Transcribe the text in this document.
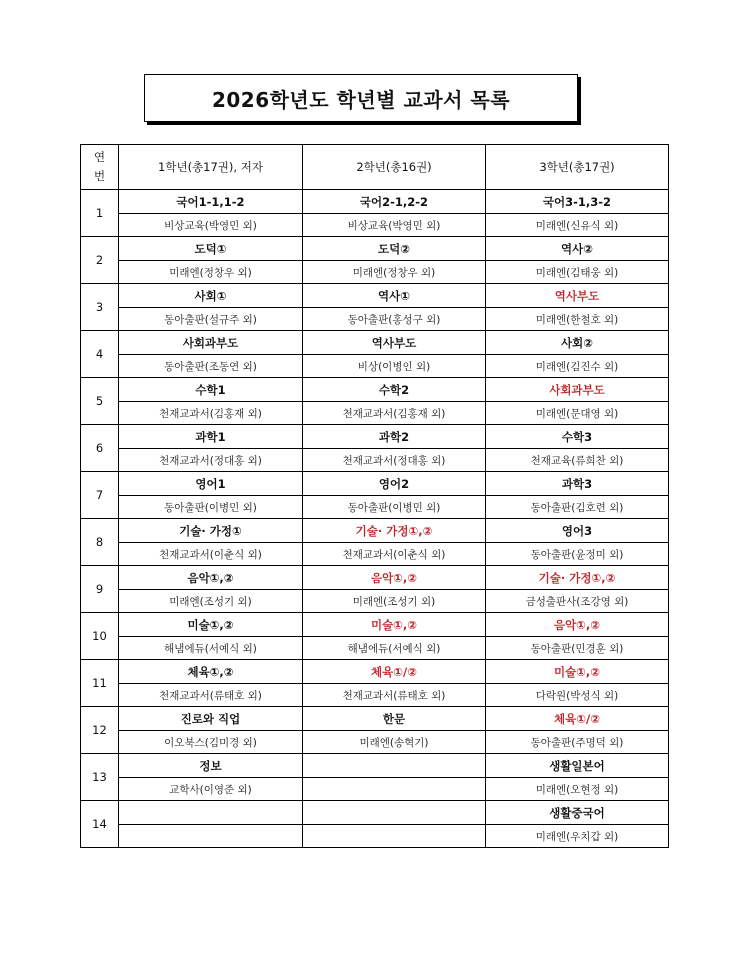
2026학년도 학년별 교과서 목록
연
번	1학년(총17권), 저자	2학년(총16권)	3학년(총17권)
1	국어1-1,1-2	국어2-1,2-2	국어3-1,3-2
	비상교육(박영민 외)	비상교육(박영민 외)	미래엔(신유식 외)
2	도덕①	도덕②	역사②
	미래엔(정창우 외)	미래엔(정창우 외)	미래엔(김태웅 외)
3	사회①	역사①	역사부도
	동아출판(설규주 외)	동아출판(홍성구 외)	미래엔(한철호 외)
4	사회과부도	역사부도	사회②
	동아출판(조동연 외)	비상(이병인 외)	미래엔(김진수 외)
5	수학1	수학2	사회과부도
	천재교과서(김홍재 외)	천재교과서(김홍재 외)	미래엔(문대영 외)
6	과학1	과학2	수학3
	천재교과서(정대홍 외)	천재교과서(정대홍 외)	천재교육(류희찬 외)
7	영어1	영어2	과학3
	동아출판(이병민 외)	동아출판(이병민 외)	동아출판(김호련 외)
8	기술· 가정①	기술· 가정①,②	영어3
	천재교과서(이춘식 외)	천재교과서(이춘식 외)	동아출판(윤정미 외)
9	음악①,②	음악①,②	기술· 가정①,②
	미래엔(조성기 외)	미래엔(조성기 외)	금성출판사(조강영 외)
10	미술①,②	미술①,②	음악①,②
	해냄에듀(서예식 외)	해냄에듀(서예식 외)	동아출판(민경훈 외)
11	체육①,②	체육①/②	미술①,②
	천재교과서(류태호 외)	천재교과서(류태호 외)	다락원(박성식 외)
12	진로와 직업	한문	체육①/②
	이오북스(김미경 외)	미래엔(송혁기)	동아출판(주명덕 외)
13	정보		생활일본어
	교학사(이영준 외)		미래엔(오현정 외)
14			생활중국어
			미래엔(우치갑 외)
